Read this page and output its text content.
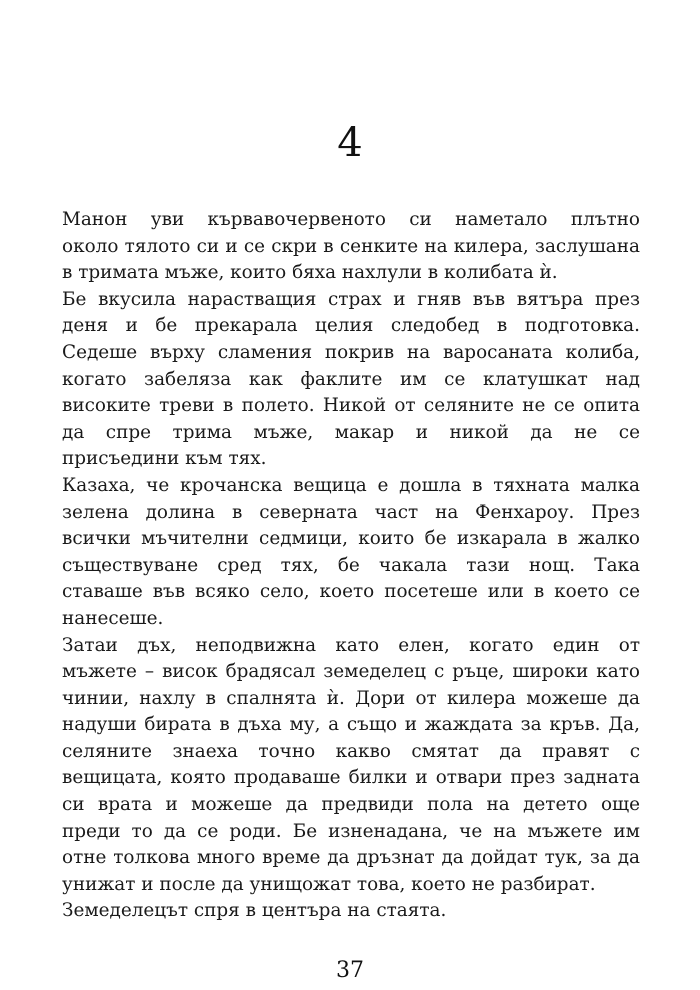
4

Манон уви кървавочервеното си наметало плътно
около тялото си и се скри в сенките на килера, заслушана
в тримата мъже, които бяха нахлули в колибата ѝ.

Бе вкусила нарастващия страх и гняв във вятъра през
деня и бе прекарала целия следобед в подготовка.
Седеше върху сламения покрив на варосаната колиба,
когато забеляза как факлите им се клатушкат над
високите треви в полето. Никой от селяните не се опита
да спре трима мъже, макар и никой да не се
присъедини към тях.

Казаха, че крочанска вещица е дошла в тяхната малка
зелена долина в северната част на Фенхароу. През
всички мъчителни седмици, които бе изкарала в жалко
съществуване сред тях, бе чакала тази нощ. Така
ставаше във всяко село, което посетеше или в което се
нанесеше.

Затаи дъх, неподвижна като елен, когато един от
мъжете – висок брадясал земеделец с ръце, широки като
чинии, нахлу в спалнята ѝ. Дори от килера можеше да
надуши бирата в дъха му, а също и жаждата за кръв. Да,
селяните знаеха точно какво смятат да правят с
вещицата, която продаваше билки и отвари през задната
си врата и можеше да предвиди пола на детето още
преди то да се роди. Бе изненадана, че на мъжете им
отне толкова много време да дръзнат да дойдат тук, за да
унижат и после да унищожат това, което не разбират.

Земеделецът спря в центъра на стаята.

37
